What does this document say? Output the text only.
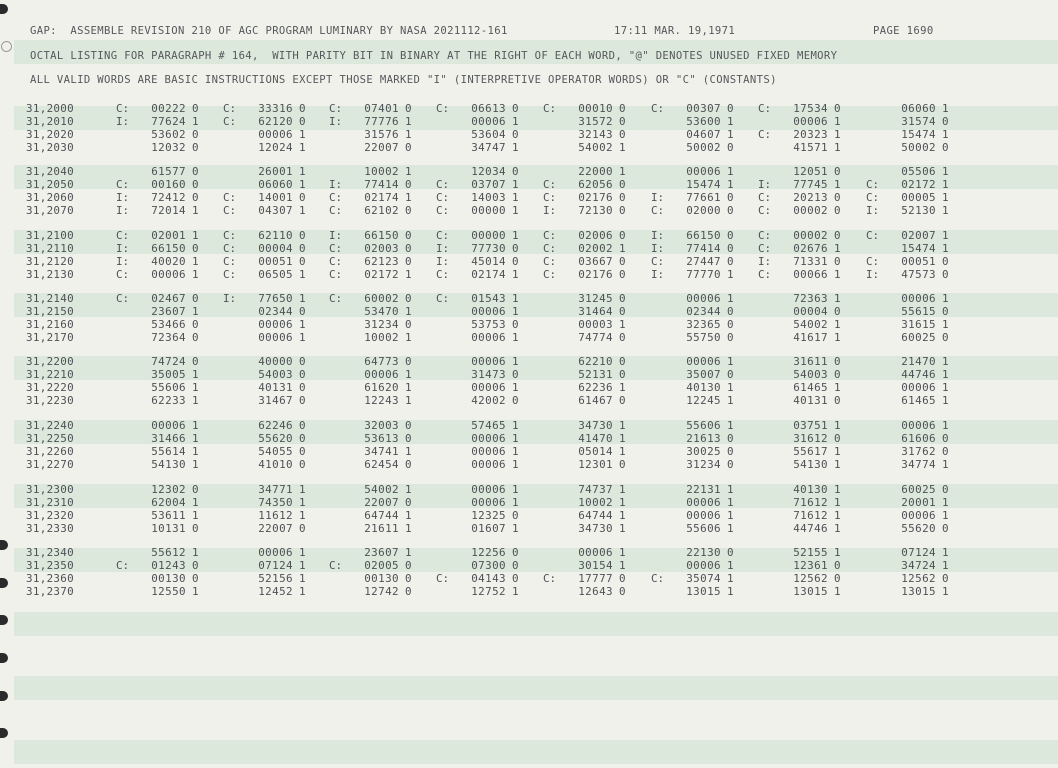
GAP:  ASSEMBLE REVISION 210 OF AGC PROGRAM LUMINARY BY NASA 2021112-161	17:11 MAR. 19,1971	PAGE 1690
OCTAL LISTING FOR PARAGRAPH # 164,  WITH PARITY BIT IN BINARY AT THE RIGHT OF EACH WORD, "@" DENOTES UNUSED FIXED MEMORY
ALL VALID WORDS ARE BASIC INSTRUCTIONS EXCEPT THOSE MARKED "I" (INTERPRETIVE OPERATOR WORDS) OR "C" (CONSTANTS)
31,2000	C:	00222 0 C:	33316 0 C:	07401 0 C:	06613 0 C:	00010 0 C:	00307 0 C:	17534 0	06060 1
31,2010	I:	77624 1 C:	62120 0 I:	77776 1	00006 1	31572 0	53600 1	00006 1	31574 0
31,2020	53602 0	00006 1	31576 1	53604 0	32143 0	04607 1 C:	20323 1	15474 1
31,2030	12032 0	12024 1	22007 0	34747 1	54002 1	50002 0	41571 1	50002 0
31,2040	61577 0	26001 1	10002 1	12034 0	22000 1	00006 1	12051 0	05506 1
31,2050	C:	00160 0	06060 1 I:	77414 0 C:	03707 1 C:	62056 0	15474 1 I:	77745 1 C:	02172 1
31,2060	I:	72412 0 C:	14001 0 C:	02174 1 C:	14003 1 C:	02176 0 I:	77661 0 C:	20213 0 C:	00005 1
31,2070	I:	72014 1 C:	04307 1 C:	62102 0 C:	00000 1 I:	72130 0 C:	02000 0 C:	00002 0 I:	52130 1
31,2100	C:	02001 1 C:	62110 0 I:	66150 0 C:	00000 1 C:	02006 0 I:	66150 0 C:	00002 0 C:	02007 1
31,2110	I:	66150 0 C:	00004 0 C:	02003 0 I:	77730 0 C:	02002 1 I:	77414 0 C:	02676 1	15474 1
31,2120	I:	40020 1 C:	00051 0 C:	62123 0 I:	45014 0 C:	03667 0 C:	27447 0 I:	71331 0 C:	00051 0
31,2130	C:	00006 1 C:	06505 1 C:	02172 1 C:	02174 1 C:	02176 0 I:	77770 1 C:	00066 1 I:	47573 0
31,2140	C:	02467 0 I:	77650 1 C:	60002 0 C:	01543 1	31245 0	00006 1	72363 1	00006 1
31,2150	23607 1	02344 0	53470 1	00006 1	31464 0	02344 0	00004 0	55615 0
31,2160	53466 0	00006 1	31234 0	53753 0	00003 1	32365 0	54002 1	31615 1
31,2170	72364 0	00006 1	10002 1	00006 1	74774 0	55750 0	41617 1	60025 0
31,2200	74724 0	40000 0	64773 0	00006 1	62210 0	00006 1	31611 0	21470 1
31,2210	35005 1	54003 0	00006 1	31473 0	52131 0	35007 0	54003 0	44746 1
31,2220	55606 1	40131 0	61620 1	00006 1	62236 1	40130 1	61465 1	00006 1
31,2230	62233 1	31467 0	12243 1	42002 0	61467 0	12245 1	40131 0	61465 1
31,2240	00006 1	62246 0	32003 0	57465 1	34730 1	55606 1	03751 1	00006 1
31,2250	31466 1	55620 0	53613 0	00006 1	41470 1	21613 0	31612 0	61606 0
31,2260	55614 1	54055 0	34741 1	00006 1	05014 1	30025 0	55617 1	31762 0
31,2270	54130 1	41010 0	62454 0	00006 1	12301 0	31234 0	54130 1	34774 1
31,2300	12302 0	34771 1	54002 1	00006 1	74737 1	22131 1	40130 1	60025 0
31,2310	62004 1	74350 1	22007 0	00006 1	10002 1	00006 1	71612 1	20001 1
31,2320	53611 1	11612 1	64744 1	12325 0	64744 1	00006 1	71612 1	00006 1
31,2330	10131 0	22007 0	21611 1	01607 1	34730 1	55606 1	44746 1	55620 0
31,2340	55612 1	00006 1	23607 1	12256 0	00006 1	22130 0	52155 1	07124 1
31,2350	C:	01243 0	07124 1 C:	02005 0	07300 0	30154 1	00006 1	12361 0	34724 1
31,2360	00130 0	52156 1	00130 0 C:	04143 0 C:	17777 0 C:	35074 1	12562 0	12562 0
31,2370	12550 1	12452 1	12742 0	12752 1	12643 0	13015 1	13015 1	13015 1
